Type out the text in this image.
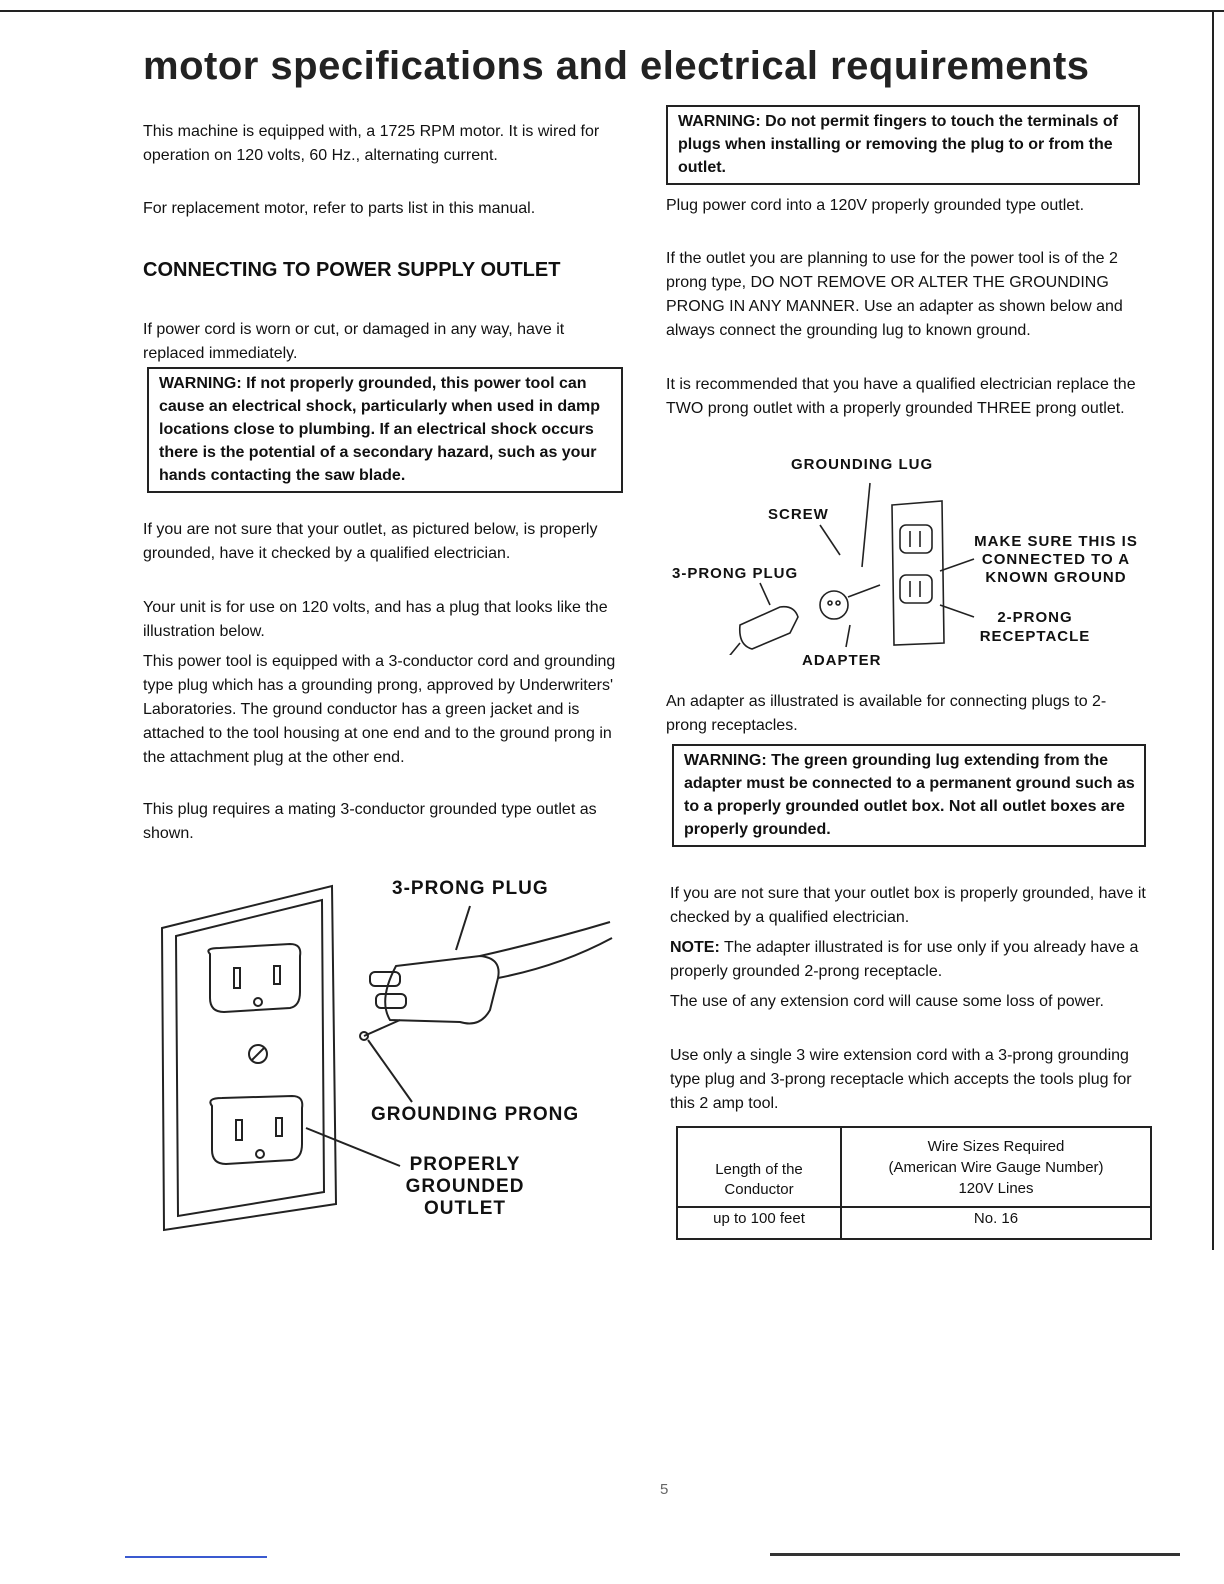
motor specifications and electrical requirements

This machine is equipped with, a 1725 RPM motor. It is wired for operation on 120 volts, 60 Hz., alternating current.

For replacement motor, refer to parts list in this manual.

CONNECTING TO POWER SUPPLY OUTLET

If power cord is worn or cut, or damaged in any way, have it replaced immediately.

WARNING: If not properly grounded, this power tool can cause an electrical shock, particularly when used in damp locations close to plumbing. If an electrical shock occurs there is the potential of a secondary hazard, such as your hands contacting the saw blade.

If you are not sure that your outlet, as pictured below, is properly grounded, have it checked by a qualified electrician.

Your unit is for use on 120 volts, and has a plug that looks like the illustration below.

This power tool is equipped with a 3-conductor cord and grounding type plug which has a grounding prong, approved by Underwriters' Laboratories. The ground conductor has a green jacket and is attached to the tool housing at one end and to the ground prong in the attachment plug at the other end.

This plug requires a mating 3-conductor grounded type outlet as shown.

3-PRONG PLUG
GROUNDING PRONG
PROPERLY
GROUNDED
OUTLET
WARNING: Do not permit fingers to touch the terminals of plugs when installing or removing the plug to or from the outlet.

Plug power cord into a 120V properly grounded type outlet.

If the outlet you are planning to use for the power tool is of the 2 prong type, DO NOT REMOVE OR ALTER THE GROUNDING PRONG IN ANY MANNER. Use an adapter as shown below and always connect the grounding lug to known ground.

It is recommended that you have a qualified electrician replace the TWO prong outlet with a properly grounded THREE prong outlet.

GROUNDING LUG
SCREW
3-PRONG PLUG
MAKE SURE THIS IS
CONNECTED TO A
KNOWN GROUND
2-PRONG
RECEPTACLE
ADAPTER

An adapter as illustrated is available for connecting plugs to 2-prong receptacles.

WARNING: The green grounding lug extending from the adapter must be connected to a permanent ground such as to a properly grounded outlet box. Not all outlet boxes are properly grounded.

If you are not sure that your outlet box is properly grounded, have it checked by a qualified electrician.

NOTE: The adapter illustrated is for use only if you already have a properly grounded 2-prong receptacle.

The use of any extension cord will cause some loss of power.

Use only a single 3 wire extension cord with a 3-prong grounding type plug and 3-prong receptacle which accepts the tools plug for this 2 amp tool.

Length of the Conductor	Wire Sizes Required
(American Wire Gauge Number)
120V Lines

up to 100 feet	No. 16
5
